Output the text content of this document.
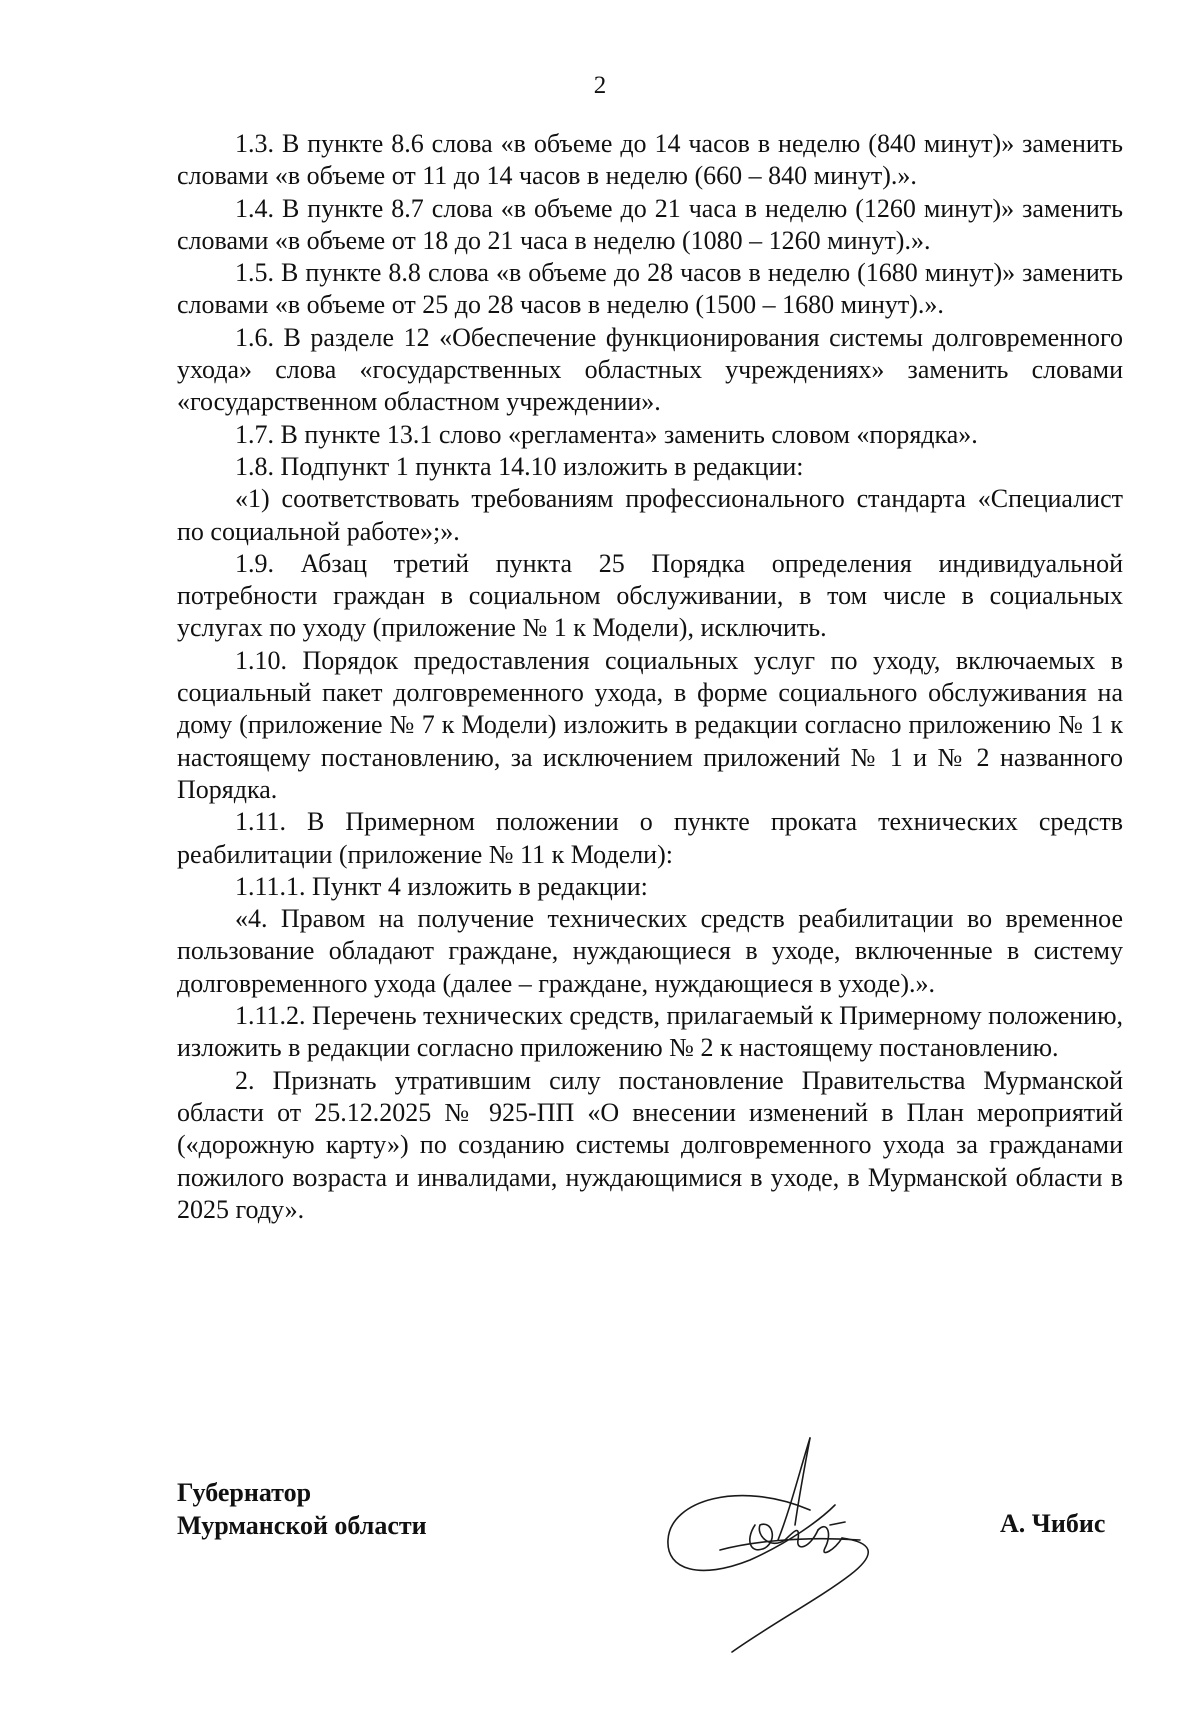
2

1.3. В пункте 8.6 слова «в объеме до 14 часов в неделю (840 минут)» заменить словами «в объеме от 11 до 14 часов в неделю (660 – 840 минут).».

1.4. В пункте 8.7 слова «в объеме до 21 часа в неделю (1260 минут)» заменить словами «в объеме от 18 до 21 часа в неделю (1080 – 1260 минут).».

1.5. В пункте 8.8 слова «в объеме до 28 часов в неделю (1680 минут)» заменить словами «в объеме от 25 до 28 часов в неделю (1500 – 1680 минут).».

1.6. В разделе 12 «Обеспечение функционирования системы долговременного ухода» слова «государственных областных учреждениях» заменить словами «государственном областном учреждении».

1.7. В пункте 13.1 слово «регламента» заменить словом «порядка».

1.8. Подпункт 1 пункта 14.10 изложить в редакции:

«1) соответствовать требованиям профессионального стандарта «Специалист по социальной работе»;».

1.9. Абзац третий пункта 25 Порядка определения индивидуальной потребности граждан в социальном обслуживании, в том числе в социальных услугах по уходу (приложение № 1 к Модели), исключить.

1.10. Порядок предоставления социальных услуг по уходу, включаемых в социальный пакет долговременного ухода, в форме социального обслуживания на дому (приложение № 7 к Модели) изложить в редакции согласно приложению № 1 к настоящему постановлению, за исключением приложений № 1 и № 2 названного Порядка.

1.11. В Примерном положении о пункте проката технических средств реабилитации (приложение № 11 к Модели):

1.11.1. Пункт 4 изложить в редакции:

«4. Правом на получение технических средств реабилитации во временное пользование обладают граждане, нуждающиеся в уходе, включенные в систему долговременного ухода (далее – граждане, нуждающиеся в уходе).».

1.11.2. Перечень технических средств, прилагаемый к Примерному положению, изложить в редакции согласно приложению № 2 к настоящему постановлению.

2. Признать утратившим силу постановление Правительства Мурманской области от 25.12.2025 № 925-ПП «О внесении изменений в План мероприятий («дорожную карту») по созданию системы долговременного ухода за гражданами пожилого возраста и инвалидами, нуждающимися в уходе, в Мурманской области в 2025 году».

Губернатор
Мурманской области	А. Чибис
